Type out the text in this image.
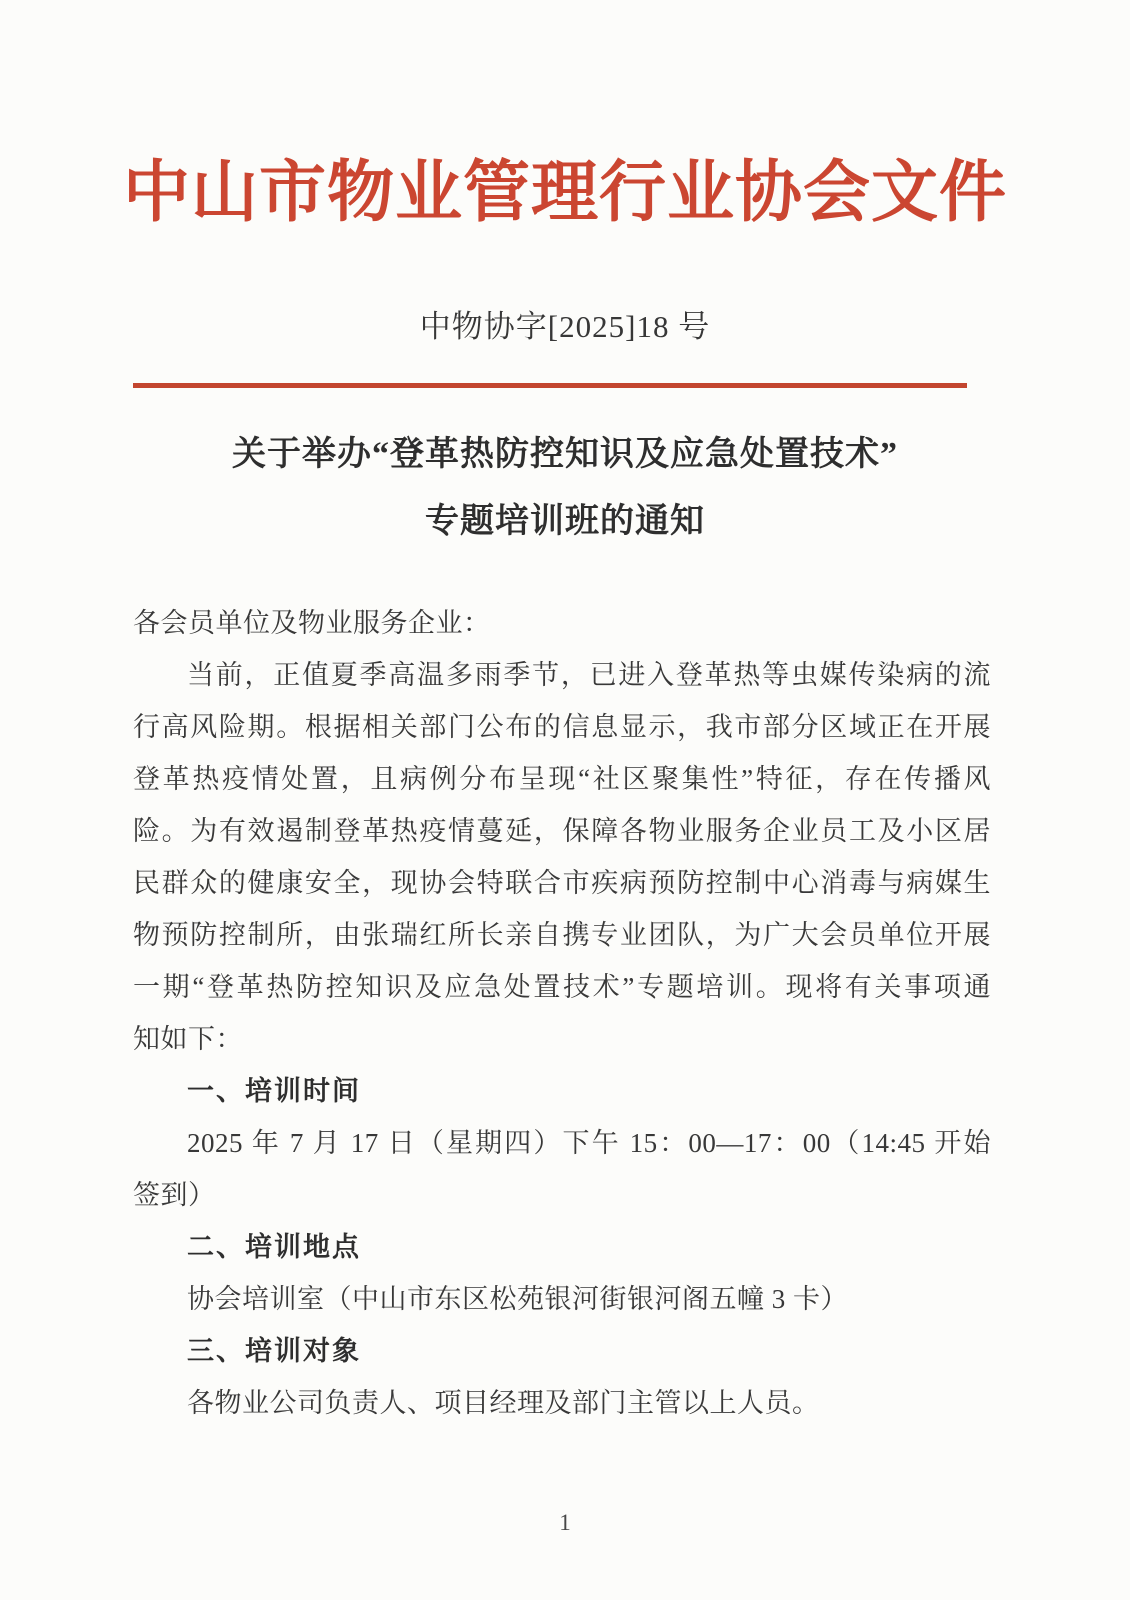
中山市物业管理行业协会文件
中物协字[2025]18 号
关于举办“登革热防控知识及应急处置技术”
专题培训班的通知
各会员单位及物业服务企业：
当前，正值夏季高温多雨季节，已进入登革热等虫媒传染病的流
行高风险期。根据相关部门公布的信息显示，我市部分区域正在开展
登革热疫情处置，且病例分布呈现“社区聚集性”特征，存在传播风
险。为有效遏制登革热疫情蔓延，保障各物业服务企业员工及小区居
民群众的健康安全，现协会特联合市疾病预防控制中心消毒与病媒生
物预防控制所，由张瑞红所长亲自携专业团队，为广大会员单位开展
一期“登革热防控知识及应急处置技术”专题培训。现将有关事项通
知如下：
一、培训时间
2025 年 7 月 17 日（星期四）下午 15：00—17：00（14:45 开始
签到）
二、培训地点
协会培训室（中山市东区松苑银河街银河阁五幢 3 卡）
三、培训对象
各物业公司负责人、项目经理及部门主管以上人员。
1
